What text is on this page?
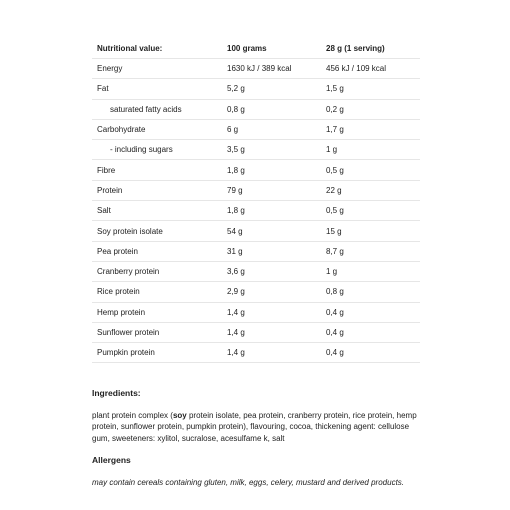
Nutritional value:	100 grams	28 g (1 serving)
Energy	1630 kJ / 389 kcal	456 kJ / 109 kcal
Fat	5,2 g	1,5 g
saturated fatty acids	0,8 g	0,2 g
Carbohydrate	6 g	1,7 g
- including sugars	3,5 g	1 g
Fibre	1,8 g	0,5 g
Protein	79 g	22 g
Salt	1,8 g	0,5 g
Soy protein isolate	54 g	15 g
Pea protein	31 g	8,7 g
Cranberry protein	3,6 g	1 g
Rice protein	2,9 g	0,8 g
Hemp protein	1,4 g	0,4 g
Sunflower protein	1,4 g	0,4 g
Pumpkin protein	1,4 g	0,4 g

Ingredients:

plant protein complex (soy protein isolate, pea protein, cranberry protein, rice protein, hemp protein, sunflower protein, pumpkin protein), flavouring, cocoa, thickening agent: cellulose gum, sweeteners: xylitol, sucralose, acesulfame k, salt

Allergens

may contain cereals containing gluten, milk, eggs, celery, mustard and derived products.
